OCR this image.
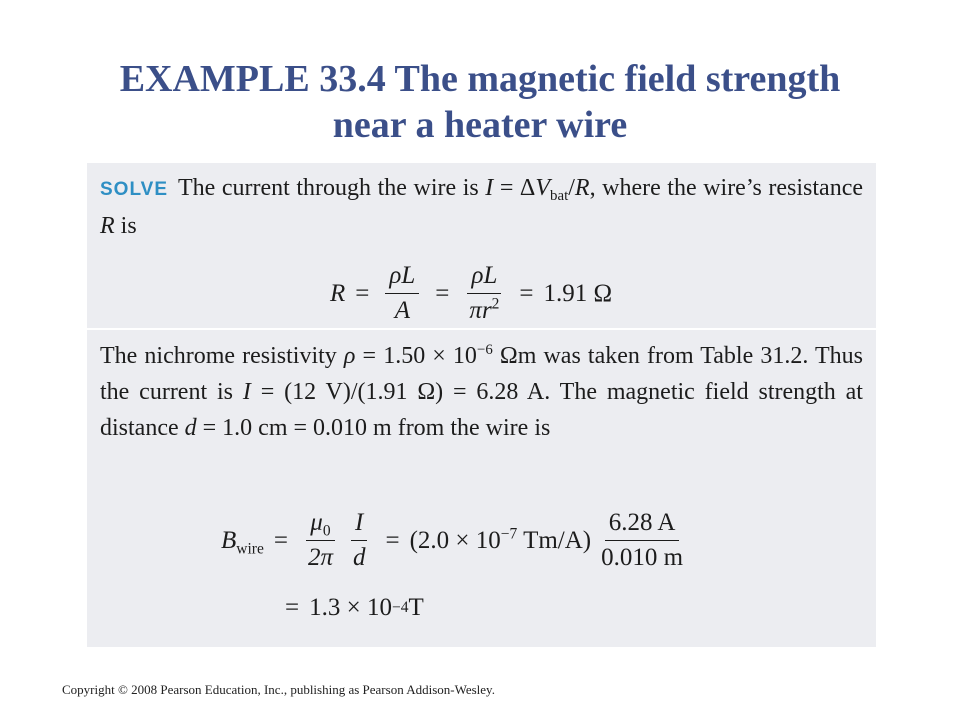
EXAMPLE 33.4 The magnetic field strength
near a heater wire
SOLVE The current through the wire is $I = \Delta V_{bat}/R$, where the wire’s resistance R is
$R = \frac{\rho L}{A} = \frac{\rho L}{\pi r^2} = 1.91$ Ω
The nichrome resistivity $\rho = 1.50 \times 10^{-6}$ Ωm was taken from Table 31.2. Thus the current is I = (12 V)/(1.91 Ω) = 6.28 A. The magnetic field strength at distance d = 1.0 cm = 0.010 m from the wire is
$B_{wire} = \frac{\mu_0}{2\pi} \frac{I}{d} = (2.0 \times 10^{-7}$ $Tm/A) \frac{6.28 A}{0.010 m}$
= 1.3 × 10 −4 T
Copyright © 2008 Pearson Education, Inc., publishing as Pearson Addison-Wesley.
